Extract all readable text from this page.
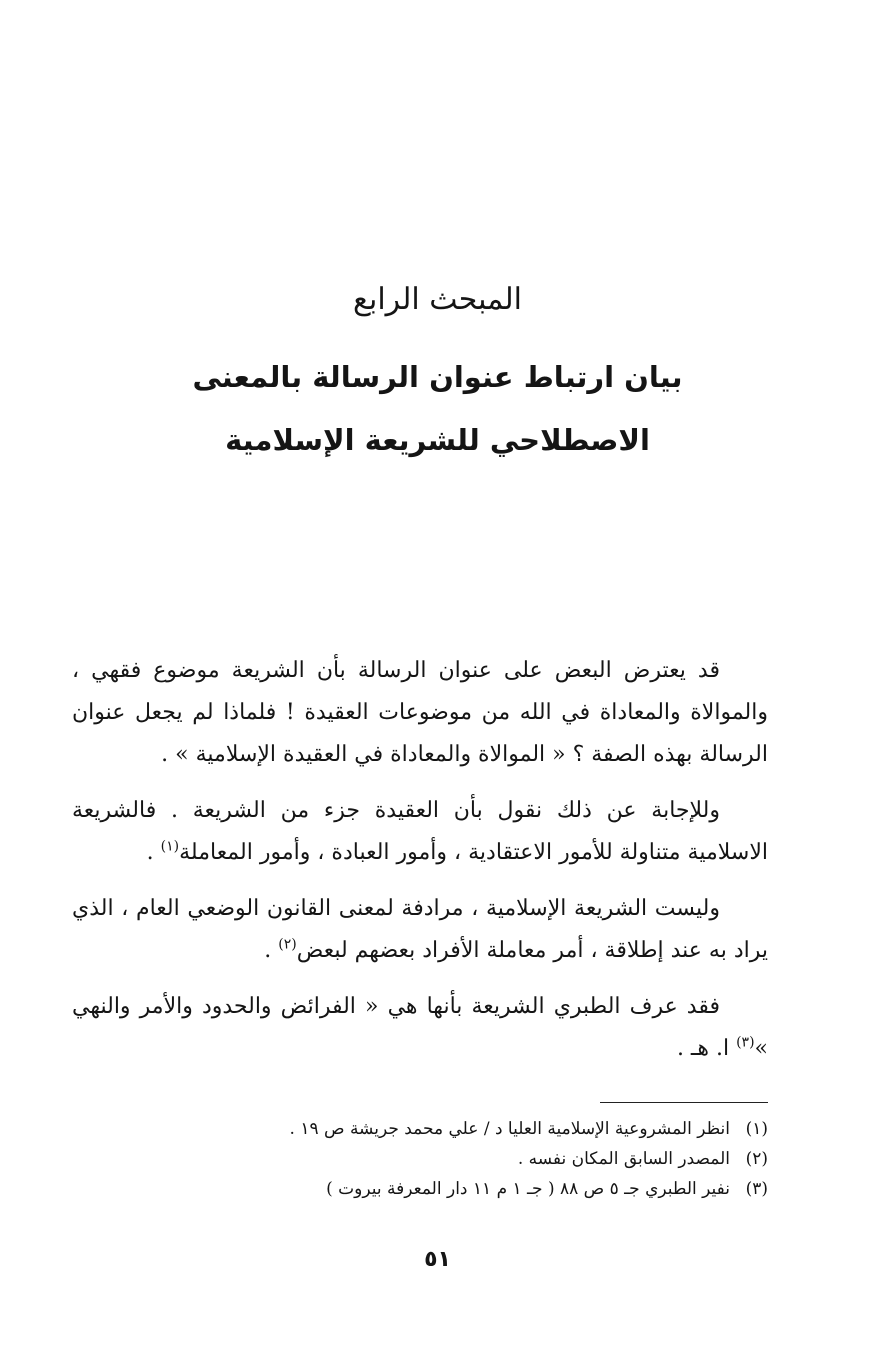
المبحث الرابع
بيان ارتباط عنوان الرسالة بالمعنى
الاصطلاحي للشريعة الإسلامية

قد يعترض البعض على عنوان الرسالة بأن الشريعة موضوع فقهي ، والموالاة والمعاداة في الله من موضوعات العقيدة ! فلماذا لم يجعل عنوان الرسالة بهذه الصفة ؟ « الموالاة والمعاداة في العقيدة الإسلامية » .

وللإجابة عن ذلك نقول بأن العقيدة جزء من الشريعة . فالشريعة الاسلامية متناولة للأمور الاعتقادية ، وأمور العبادة ، وأمور المعاملة$^{(١)}$ .

وليست الشريعة الإسلامية ، مرادفة لمعنى القانون الوضعي العام ، الذي يراد به عند إطلاقة ، أمر معاملة الأفراد بعضهم لبعض$^{(٢)}$ .

فقد عرف الطبري الشريعة بأنها هي « الفرائض والحدود والأمر والنهي »$^{(٣)}$ ا. هـ .

(١)انظر المشروعية الإسلامية العليا د / علي محمد جريشة ص ١٩ .
(٢)المصدر السابق المكان نفسه .
(٣)نفير الطبري جـ ٥ ص ٨٨ ( جـ ١ م ١١ دار المعرفة بيروت )
٥١
